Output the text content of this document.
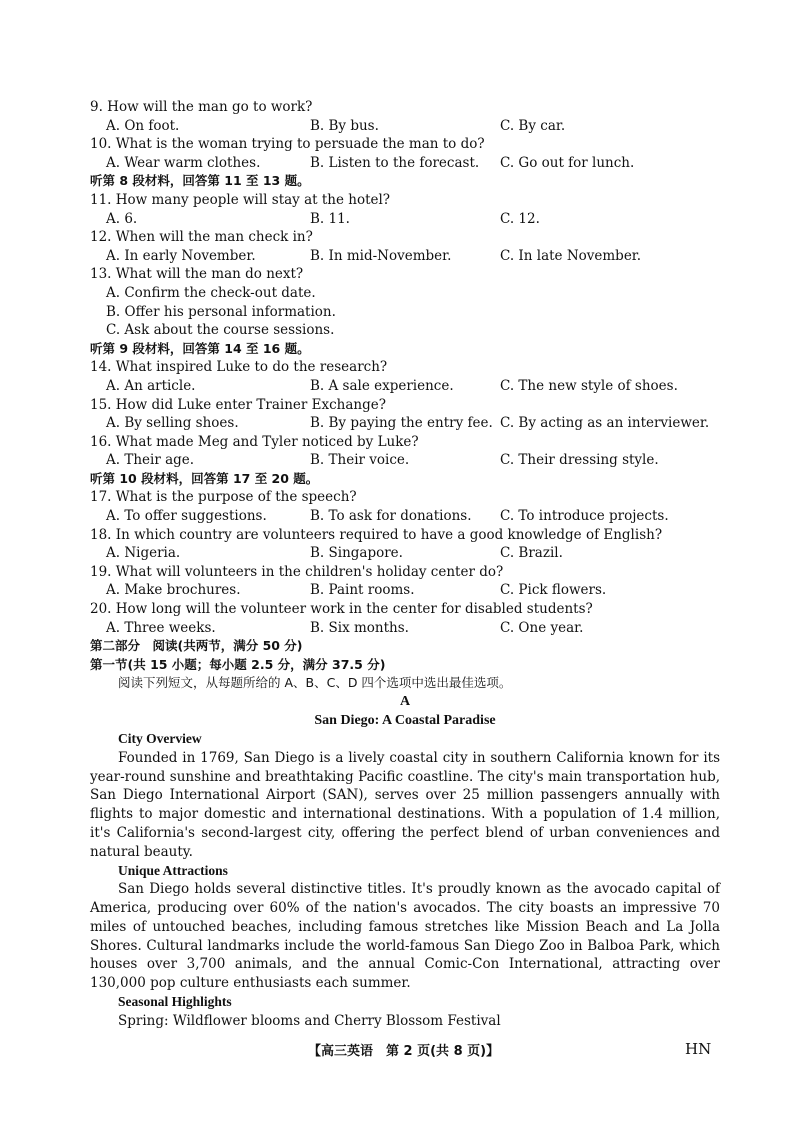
9. How will the man go to work?
A. On foot.	B. By bus.	C. By car.
10. What is the woman trying to persuade the man to do?
A. Wear warm clothes.	B. Listen to the forecast. C. Go out for lunch.
听第 8 段材料，回答第 11 至 13 题。
11. How many people will stay at the hotel?
A. 6.	B. 11.	C. 12.
12. When will the man check in?
A. In early November.	B. In mid-November.	C. In late November.
13. What will the man do next?
A. Confirm the check-out date.
B. Offer his personal information.
C. Ask about the course sessions.
听第 9 段材料，回答第 14 至 16 题。
14. What inspired Luke to do the research?
A. An article.	B. A sale experience.	C. The new style of shoes.
15. How did Luke enter Trainer Exchange?
A. By selling shoes.	B. By paying the entry fee. C. By acting as an interviewer.
16. What made Meg and Tyler noticed by Luke?
A. Their age.	B. Their voice.	C. Their dressing style.
听第 10 段材料，回答第 17 至 20 题。
17. What is the purpose of the speech?
A. To offer suggestions.	B. To ask for donations. C. To introduce projects.
18. In which country are volunteers required to have a good knowledge of English?
A. Nigeria.	B. Singapore.	C. Brazil.
19. What will volunteers in the children's holiday center do?
A. Make brochures.	B. Paint rooms.	C. Pick flowers.
20. How long will the volunteer work in the center for disabled students?
A. Three weeks.	B. Six months.	C. One year.
第二部分　阅读(共两节，满分 50 分)
第一节(共 15 小题；每小题 2.5 分，满分 37.5 分)
阅读下列短文，从每题所给的 A、B、C、D 四个选项中选出最佳选项。
A
San Diego: A Coastal Paradise
City Overview

Founded in 1769, San Diego is a lively coastal city in southern California known for its year-round sunshine and breathtaking Pacific coastline. The city's main transportation hub, San Diego International Airport (SAN), serves over 25 million passengers annually with flights to major domestic and international destinations. With a population of 1.4 million, it's California's second-largest city, offering the perfect blend of urban conveniences and natural beauty.

Unique Attractions

San Diego holds several distinctive titles. It's proudly known as the avocado capital of America, producing over 60% of the nation's avocados. The city boasts an impressive 70 miles of untouched beaches, including famous stretches like Mission Beach and La Jolla Shores. Cultural landmarks include the world-famous San Diego Zoo in Balboa Park, which houses over 3,700 animals, and the annual Comic-Con International, attracting over 130,000 pop culture enthusiasts each summer.

Seasonal Highlights
Spring: Wildflower blooms and Cherry Blossom Festival
【高三英语　第 2 页(共 8 页)】	HN
